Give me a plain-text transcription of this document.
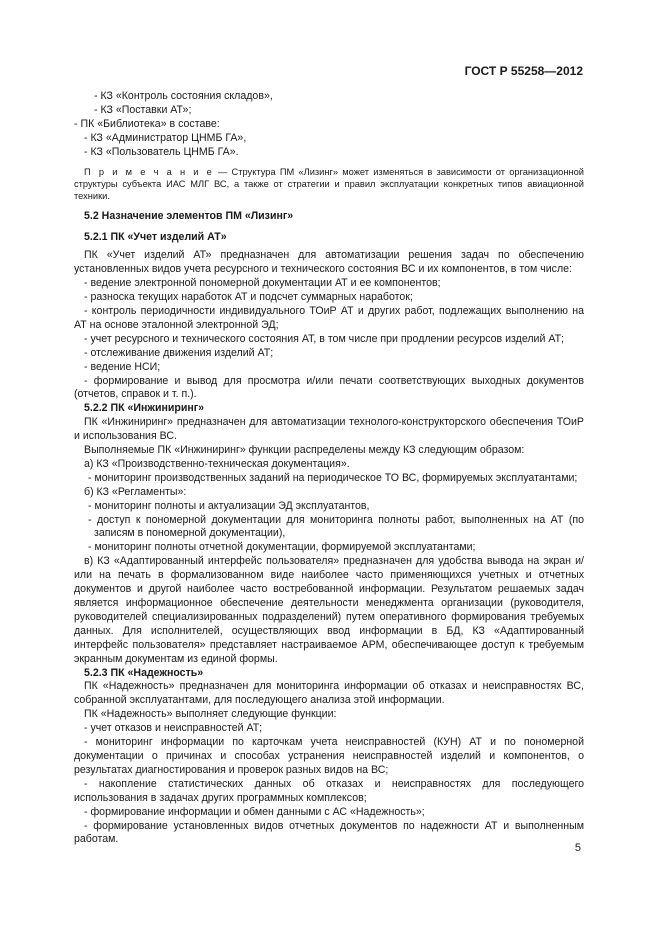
ГОСТ Р 55258—2012

- КЗ «Контроль состояния складов»,

- КЗ «Поставки АТ»;

- ПК «Библиотека» в составе:

- КЗ «Администратор ЦНМБ ГА»,

- КЗ «Пользователь ЦНМБ ГА».

П р и м е ч а н и е — Структура ПМ «Лизинг» может изменяться в зависимости от организационной структуры субъекта ИАС МЛГ ВС, а также от стратегии и правил эксплуатации конкретных типов авиационной техники.

5.2 Назначение элементов ПМ «Лизинг»

5.2.1 ПК «Учет изделий АТ»

ПК «Учет изделий АТ» предназначен для автоматизации решения задач по обеспечению установленных видов учета ресурсного и технического состояния ВС и их компонентов, в том числе:

- ведение электронной пономерной документации АТ и ее компонентов;

- разноска текущих наработок АТ и подсчет суммарных наработок;

- контроль периодичности индивидуального ТОиР АТ и других работ, подлежащих выполнению на АТ на основе эталонной электронной ЭД;

- учет ресурсного и технического состояния АТ, в том числе при продлении ресурсов изделий АТ;

- отслеживание движения изделий АТ;

- ведение НСИ;

- формирование и вывод для просмотра и/или печати соответствующих выходных документов (отчетов, справок и т. п.).

5.2.2 ПК «Инжиниринг»

ПК «Инжиниринг» предназначен для автоматизации технолого-конструкторского обеспечения ТОиР и использования ВС.

Выполняемые ПК «Инжиниринг» функции распределены между КЗ следующим образом:

а) КЗ «Производственно-техническая документация».

- мониторинг производственных заданий на периодическое ТО ВС, формируемых эксплуатантами;

б) КЗ «Регламенты»:

- мониторинг полноты и актуализации ЭД эксплуатантов,

- доступ к пономерной документации для мониторинга полноты работ, выполненных на АТ (по записям в пономерной документации),

- мониторинг полноты отчетной документации, формируемой эксплуатантами;

в) КЗ «Адаптированный интерфейс пользователя» предназначен для удобства вывода на экран и/или на печать в формализованном виде наиболее часто применяющихся учетных и отчетных документов и другой наиболее часто востребованной информации. Результатом решаемых задач является информационное обеспечение деятельности менеджмента организации (руководителя, руководителей специализированных подразделений) путем оперативного формирования требуемых данных. Для исполнителей, осуществляющих ввод информации в БД, КЗ «Адаптированный интерфейс пользователя» представляет настраиваемое АРМ, обеспечивающее доступ к требуемым экранным документам из единой формы.

5.2.3 ПК «Надежность»

ПК «Надежность» предназначен для мониторинга информации об отказах и неисправностях ВС, собранной эксплуатантами, для последующего анализа этой информации.

ПК «Надежность» выполняет следующие функции:

- учет отказов и неисправностей АТ;

- мониторинг информации по карточкам учета неисправностей (КУН) АТ и по пономерной документации о причинах и способах устранения неисправностей изделий и компонентов, о результатах диагностирования и проверок разных видов на ВС;

- накопление статистических данных об отказах и неисправностях для последующего использования в задачах других программных комплексов;

- формирование информации и обмен данными с АС «Надежность»;

- формирование установленных видов отчетных документов по надежности АТ и выполненным работам.

5
